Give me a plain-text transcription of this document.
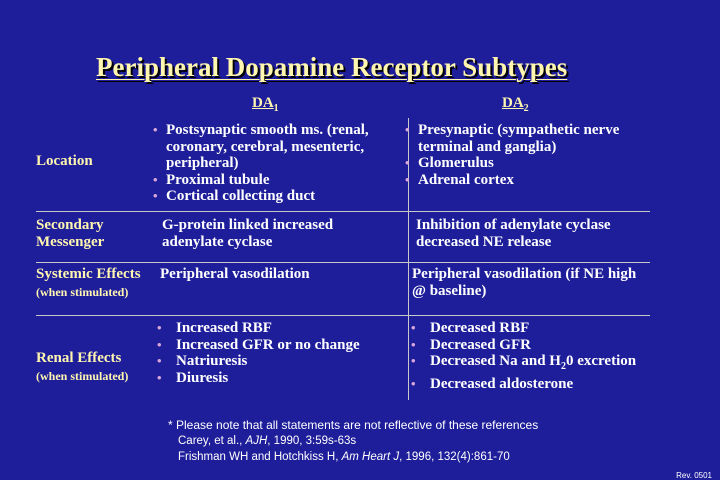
Peripheral Dopamine Receptor Subtypes
$DA_1$	$DA_2$
Location
• Postsynaptic smooth ms. (renal,
coronary, cerebral, mesenteric,
peripheral)
• Proximal tubule
• Cortical collecting duct
• Presynaptic (sympathetic nerve
terminal and ganglia)
• Glomerulus
• Adrenal cortex
Secondary
Messenger
G-protein linked increased
adenylate cyclase
Inhibition of adenylate cyclase
decreased NE release
Systemic Effects
(when stimulated)
Peripheral vasodilation	Peripheral vasodilation (if NE high
@ baseline)
Renal Effects
(when stimulated)
• Increased RBF
• Increased GFR or no change
• Natriuresis
• Diuresis
• Decreased RBF
• Decreased GFR
• Decreased Na and $H_20$ excretion
• Decreased aldosterone
* Please note that all statements are not reflective of these references
Carey, et al., AJH, 1990, 3:59s-63s
Frishman WH and Hotchkiss H, Am Heart J, 1996, 132(4):861-70
Rev. 0501
